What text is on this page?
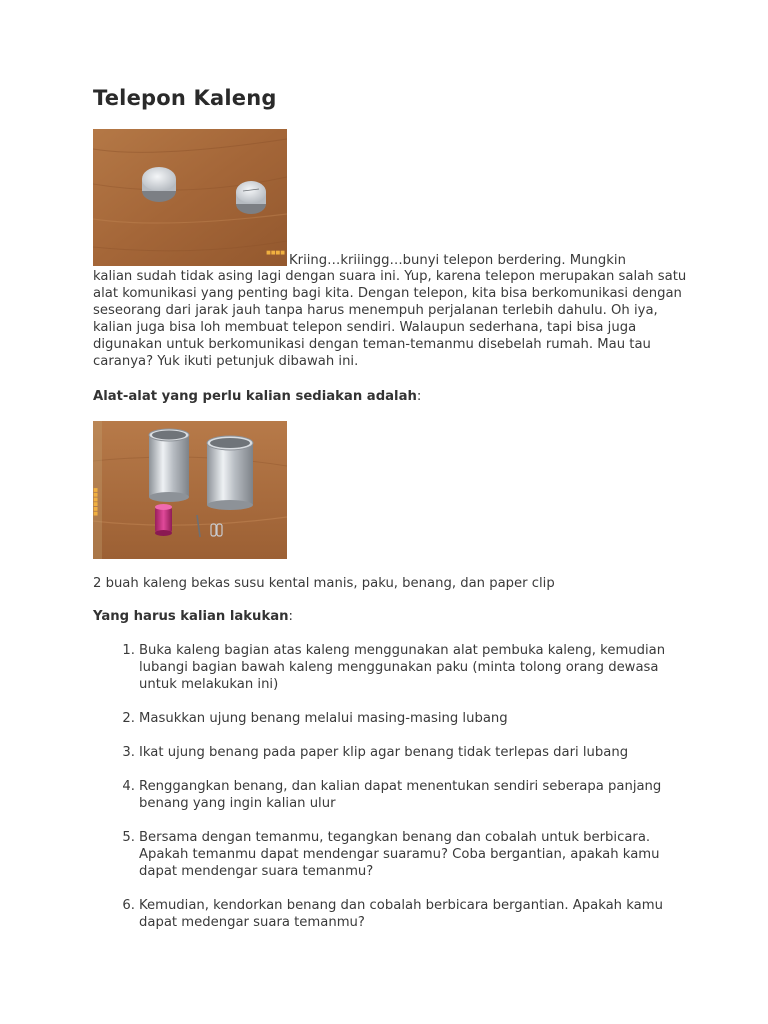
Telepon Kaleng
■■■■ Kriing…kriiingg…bunyi telepon berdering. Mungkin

kalian sudah tidak asing lagi dengan suara ini. Yup, karena telepon merupakan salah satu alat komunikasi yang penting bagi kita. Dengan telepon, kita bisa berkomunikasi dengan seseorang dari jarak jauh tanpa harus menempuh perjalanan terlebih dahulu. Oh iya, kalian juga bisa loh membuat telepon sendiri. Walaupun sederhana, tapi bisa juga digunakan untuk berkomunikasi dengan teman-temanmu disebelah rumah. Mau tau caranya? Yuk ikuti petunjuk dibawah ini.

Alat-alat yang perlu kalian sediakan adalah:

■■■■■■

2 buah kaleng bekas susu kental manis, paku, benang, dan paper clip

Yang harus kalian lakukan:

1. Buka kaleng bagian atas kaleng menggunakan alat pembuka kaleng, kemudian lubangi bagian bawah kaleng menggunakan paku (minta tolong orang dewasa untuk melakukan ini)
2. Masukkan ujung benang melalui masing-masing lubang
3. Ikat ujung benang pada paper klip agar benang tidak terlepas dari lubang
4. Renggangkan benang, dan kalian dapat menentukan sendiri seberapa panjang benang yang ingin kalian ulur
5. Bersama dengan temanmu, tegangkan benang dan cobalah untuk berbicara. Apakah temanmu dapat mendengar suaramu? Coba bergantian, apakah kamu dapat mendengar suara temanmu?
6. Kemudian, kendorkan benang dan cobalah berbicara bergantian. Apakah kamu dapat medengar suara temanmu?
